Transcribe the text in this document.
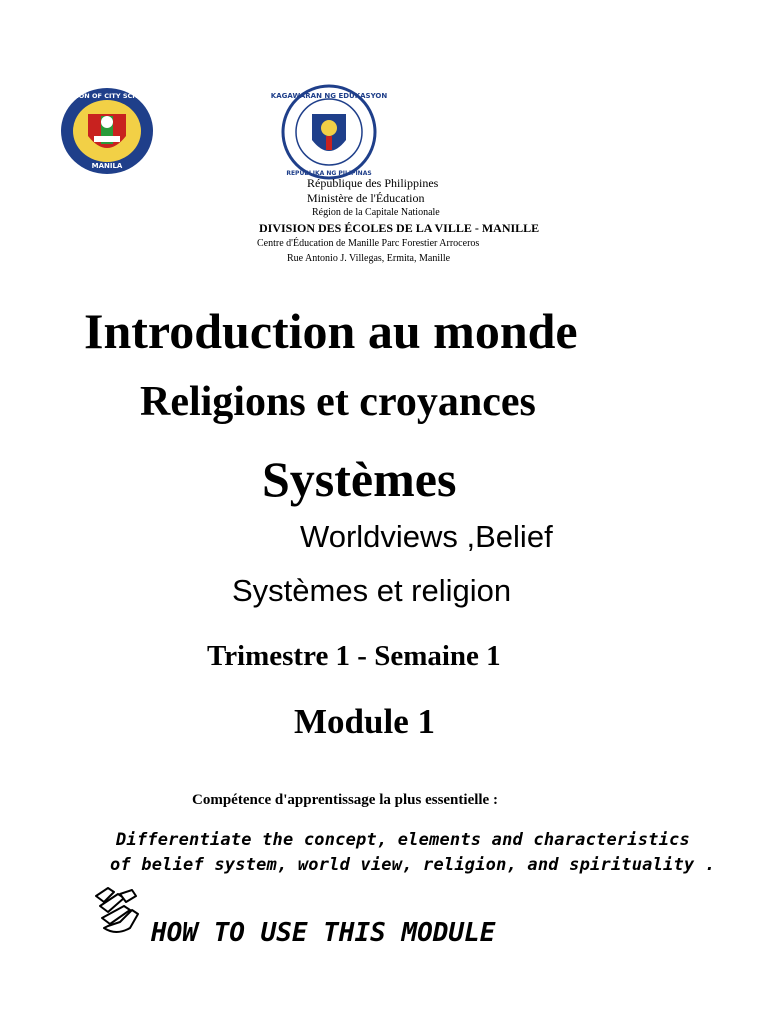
MANILA
DIVISION OF CITY SCHOOLS	KAGAWARAN NG EDUKASYON
REPUBLIKA NG PILIPINAS
République des Philippines
Ministère de l'Éducation
Région de la Capitale Nationale
DIVISION DES ÉCOLES DE LA VILLE - MANILLE
Centre d'Éducation de Manille Parc Forestier Arroceros
Rue Antonio J. Villegas, Ermita, Manille
Introduction au monde
Religions et croyances
Systèmes
Worldviews ,Belief
Systèmes et religion
Trimestre 1 - Semaine 1
Module 1
Compétence d'apprentissage la plus essentielle :
Differentiate the concept, elements and characteristics
of belief system, world view, religion, and spirituality .
HOW TO USE THIS MODULE
